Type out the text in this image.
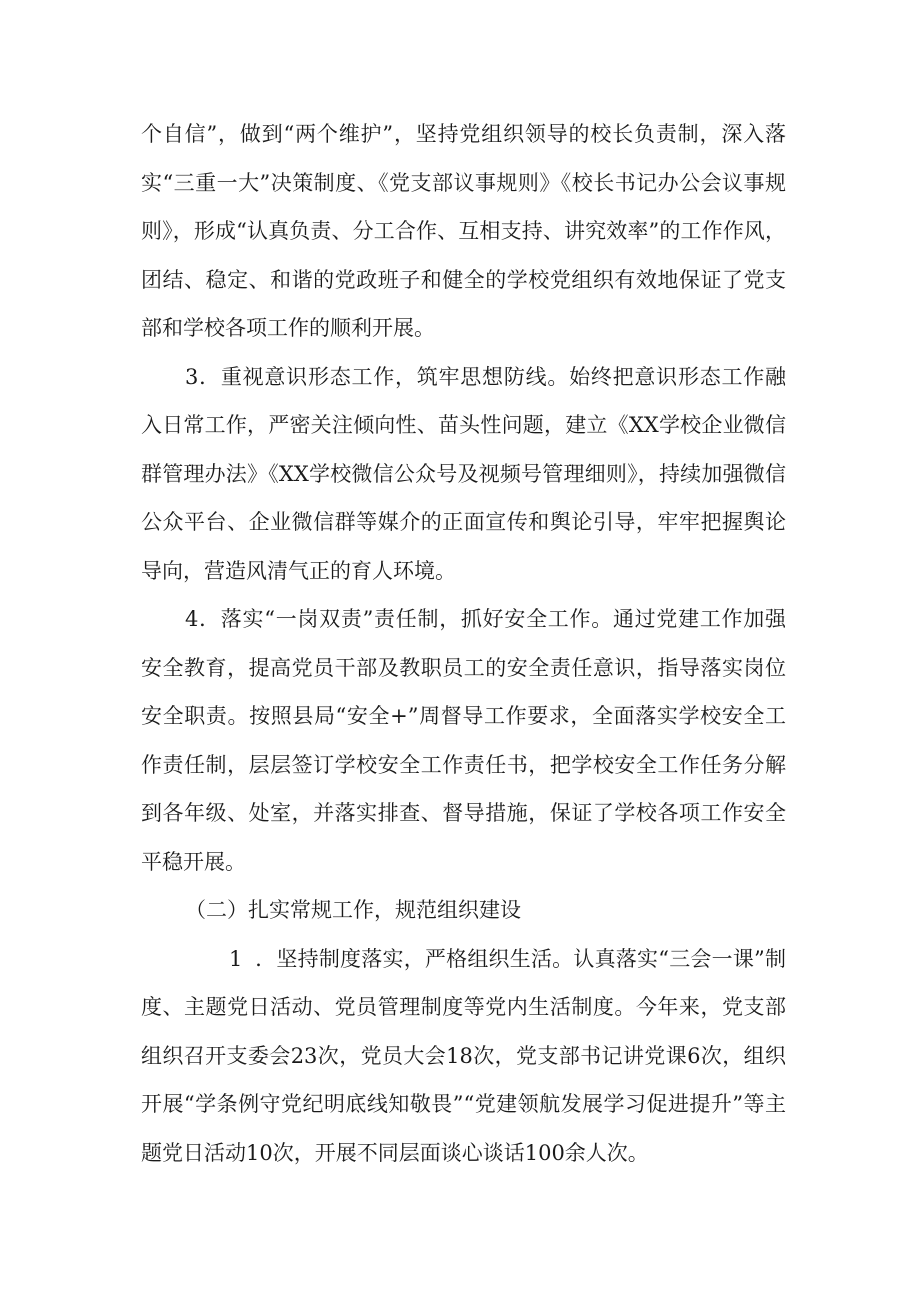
个自信”，做到“两个维护”，坚持党组织领导的校长负责制，深入落实“三重一大”决策制度、《党支部议事规则》《校长书记办公会议事规则》，形成“认真负责、分工合作、互相支持、讲究效率”的工作作风，团结、稳定、和谐的党政班子和健全的学校党组织有效地保证了党支部和学校各项工作的顺利开展。

3．重视意识形态工作，筑牢思想防线。始终把意识形态工作融入日常工作，严密关注倾向性、苗头性问题，建立《XX学校企业微信群管理办法》《XX学校微信公众号及视频号管理细则》，持续加强微信公众平台、企业微信群等媒介的正面宣传和舆论引导，牢牢把握舆论导向，营造风清气正的育人环境。

4．落实“一岗双责”责任制，抓好安全工作。通过党建工作加强安全教育，提高党员干部及教职员工的安全责任意识，指导落实岗位安全职责。按照县局“安全+”周督导工作要求，全面落实学校安全工作责任制，层层签订学校安全工作责任书，把学校安全工作任务分解到各年级、处室，并落实排查、督导措施，保证了学校各项工作安全平稳开展。

（二）扎实常规工作，规范组织建设

1 ．坚持制度落实，严格组织生活。认真落实“三会一课”制度、主题党日活动、党员管理制度等党内生活制度。今年来，党支部组织召开支委会23次，党员大会18次，党支部书记讲党课6次，组织开展“学条例守党纪明底线知敬畏”“党建领航发展学习促进提升”等主题党日活动10次，开展不同层面谈心谈话100余人次。
